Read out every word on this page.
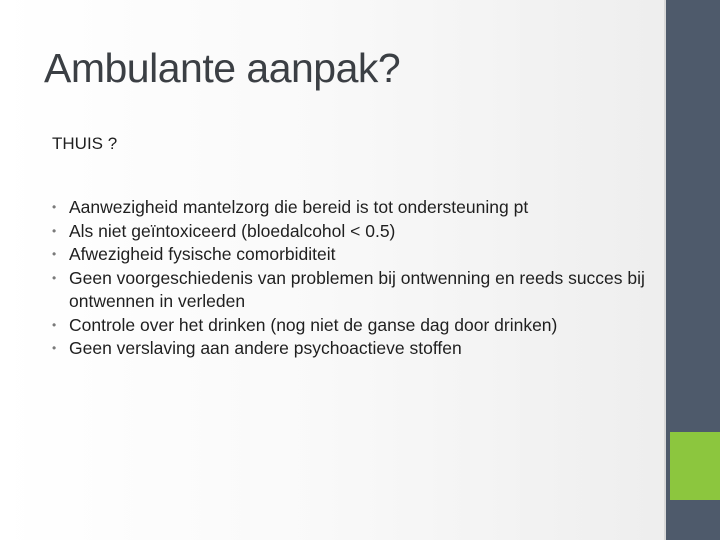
Ambulante aanpak?
THUIS ?
• Aanwezigheid mantelzorg die bereid is tot ondersteuning pt
• Als niet geïntoxiceerd (bloedalcohol < 0.5)
• Afwezigheid fysische comorbiditeit
• Geen voorgeschiedenis van problemen bij ontwenning en reeds succes bij ontwennen in verleden
• Controle over het drinken (nog niet de ganse dag door drinken)
• Geen verslaving aan andere psychoactieve stoffen
